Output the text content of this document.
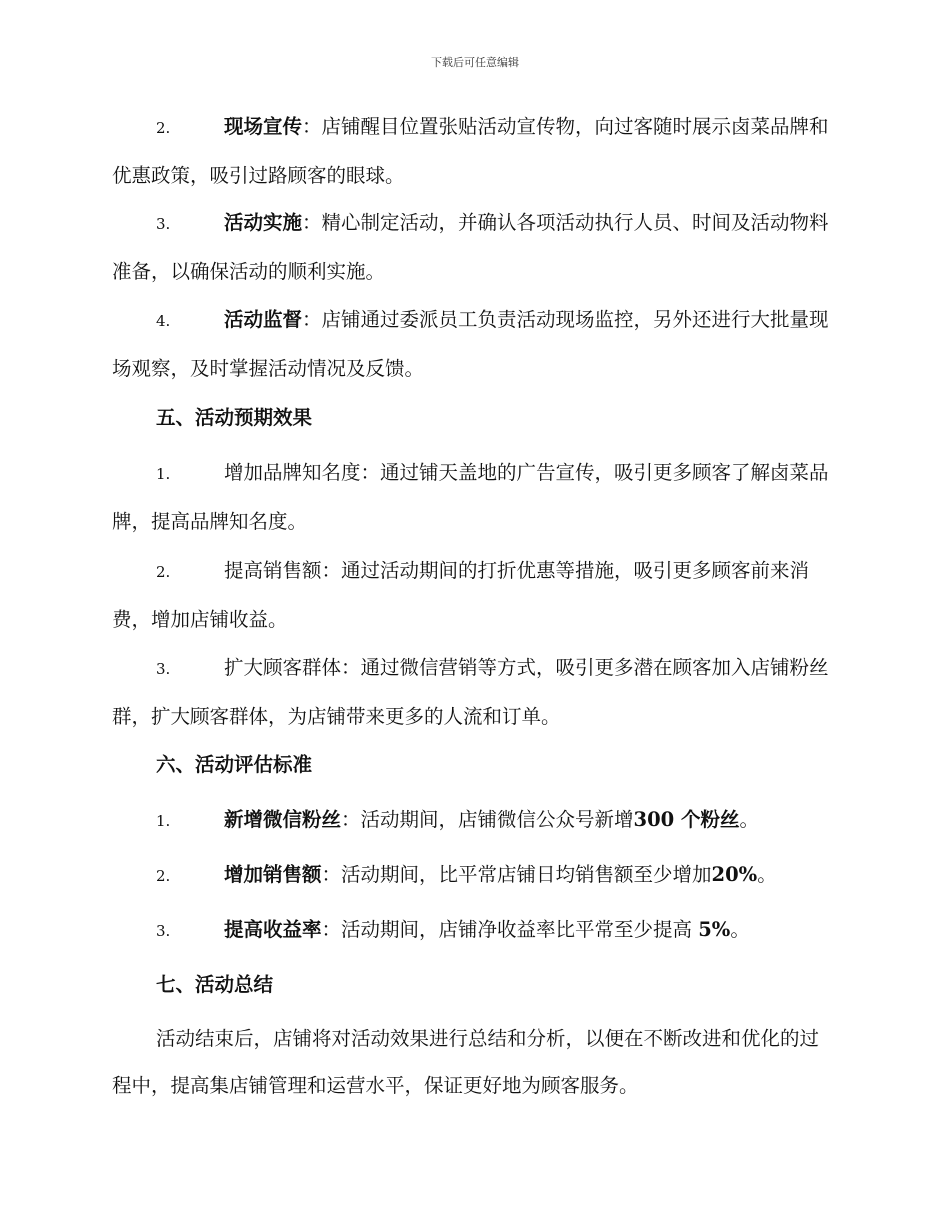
下载后可任意编辑
2.	现场宣传：店铺醒目位置张贴活动宣传物，向过客随时展示卤菜品牌和优惠政策，吸引过路顾客的眼球。
3.	活动实施：精心制定活动，并确认各项活动执行人员、时间及活动物料准备，以确保活动的顺利实施。
4.	活动监督：店铺通过委派员工负责活动现场监控，另外还进行大批量现场观察，及时掌握活动情况及反馈。
五、活动预期效果
1.	增加品牌知名度：通过铺天盖地的广告宣传，吸引更多顾客了解卤菜品牌，提高品牌知名度。
2.	提高销售额：通过活动期间的打折优惠等措施，吸引更多顾客前来消费，增加店铺收益。
3.	扩大顾客群体：通过微信营销等方式，吸引更多潜在顾客加入店铺粉丝群，扩大顾客群体，为店铺带来更多的人流和订单。
六、活动评估标准
1.	新增微信粉丝：活动期间，店铺微信公众号新增300 个粉丝。
2.	增加销售额：活动期间，比平常店铺日均销售额至少增加20%。
3.	提高收益率：活动期间，店铺净收益率比平常至少提高 5%。
七、活动总结
活动结束后，店铺将对活动效果进行总结和分析，以便在不断改进和优化的过程中，提高集店铺管理和运营水平，保证更好地为顾客服务。
